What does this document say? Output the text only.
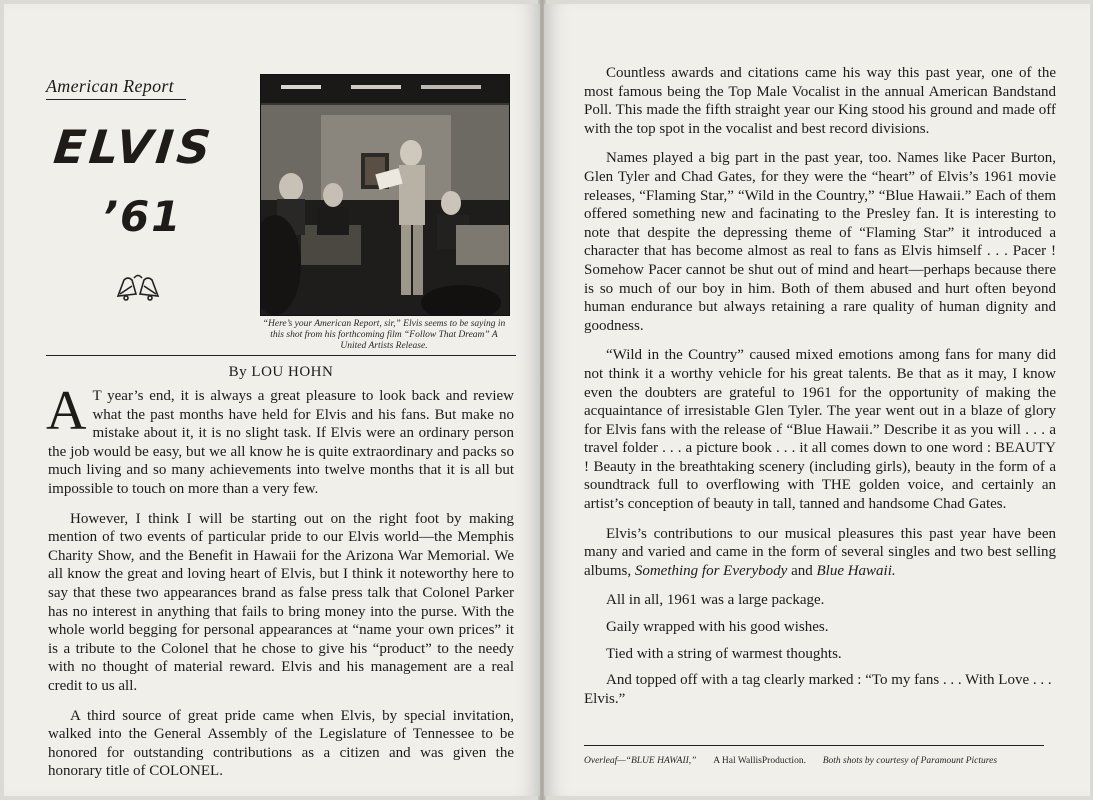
American Report
ELVIS
’61
“Here’s your American Report, sir,” Elvis seems to be saying in this shot from his forthcoming film “Follow That Dream” A United Artists Release.
By LOU HOHN

A T year’s end, it is always a great pleasure to look back and review what the past months have held for Elvis and his fans. But make no mistake about it, it is no slight task. If Elvis were an ordinary person the job would be easy, but we all know he is quite extraordinary and packs so much living and so many achievements into twelve months that it is all but impossible to touch on more than a very few.

However, I think I will be starting out on the right foot by making mention of two events of particular pride to our Elvis world—the Memphis Charity Show, and the Benefit in Hawaii for the Arizona War Memorial. We all know the great and loving heart of Elvis, but I think it noteworthy here to say that these two appearances brand as false press talk that Colonel Parker has no interest in anything that fails to bring money into the purse. With the whole world begging for personal appearances at “name your own prices” it is a tribute to the Colonel that he chose to give his “product” to the needy with no thought of material reward. Elvis and his management are a real credit to us all.

A third source of great pride came when Elvis, by special invitation, walked into the General Assembly of the Legislature of Tennessee to be honored for outstanding contributions as a citizen and was given the honorary title of COLONEL.

Countless awards and citations came his way this past year, one of the most famous being the Top Male Vocalist in the annual American Bandstand Poll. This made the fifth straight year our King stood his ground and made off with the top spot in the vocalist and best record divisions.

Names played a big part in the past year, too. Names like Pacer Burton, Glen Tyler and Chad Gates, for they were the “heart” of Elvis’s 1961 movie releases, “Flaming Star,” “Wild in the Country,” “Blue Hawaii.” Each of them offered something new and facinating to the Presley fan. It is interesting to note that despite the depressing theme of “Flaming Star” it introduced a character that has become almost as real to fans as Elvis himself . . . Pacer ! Somehow Pacer cannot be shut out of mind and heart—perhaps because there is so much of our boy in him. Both of them abused and hurt often beyond human endurance but always retaining a rare quality of human dignity and goodness.

“Wild in the Country” caused mixed emotions among fans for many did not think it a worthy vehicle for his great talents. Be that as it may, I know even the doubters are grateful to 1961 for the opportunity of making the acquaintance of irresistable Glen Tyler. The year went out in a blaze of glory for Elvis fans with the release of “Blue Hawaii.” Describe it as you will . . . a travel folder . . . a picture book . . . it all comes down to one word : BEAUTY ! Beauty in the breathtaking scenery (including girls), beauty in the form of a soundtrack full to overflowing with THE golden voice, and certainly an artist’s conception of beauty in tall, tanned and handsome Chad Gates.

Elvis’s contributions to our musical pleasures this past year have been many and varied and came in the form of several singles and two best selling albums, Something for Everybody and Blue Hawaii.

All in all, 1961 was a large package.

Gaily wrapped with his good wishes.

Tied with a string of warmest thoughts.

And topped off with a tag clearly marked : “To my fans . . . With Love . . . Elvis.”

Overleaf—“BLUE HAWAII,” A Hal WallisProduction. Both shots by courtesy of Paramount Pictures
